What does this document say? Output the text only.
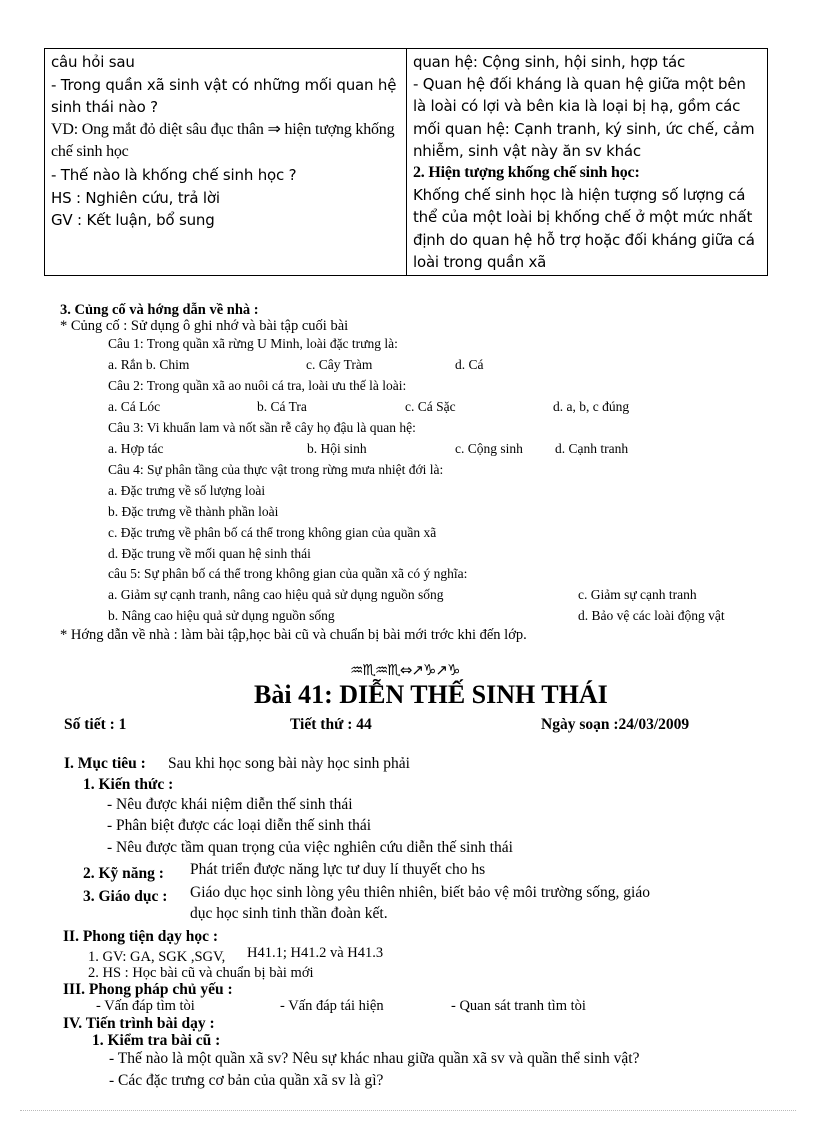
câu hỏi sau
- Trong quần xã sinh vật có những mối quan hệ sinh thái nào ?
VD: Ong mắt đỏ diệt sâu đục thân ⇒ hiện tượng khống chế sinh học
- Thế nào là khống chế sinh học ?
HS : Nghiên cứu, trả lời
GV : Kết luận, bổ sung

quan hệ: Cộng sinh, hội sinh, hợp tác
- Quan hệ đối kháng là quan hệ giữa một bên là loài có lợi và bên kia là loại bị hạ, gồm các mối quan hệ: Cạnh tranh, ký sinh, ức chế, cảm nhiễm, sinh vật này ăn sv khác
2. Hiện tượng khống chế sinh học:
Khống chế sinh học là hiện tượng số lượng cá thể của một loài bị khống chế ở một mức nhất định do quan hệ hỗ trợ hoặc đối kháng giữa cá loài trong quần xã
3. Củng cố và hớng dẫn về nhà :
* Củng cố : Sử dụng ô ghi nhớ và bài tập cuối bài
Câu 1: Trong quần xã rừng U Minh, loài đặc trưng là:
a. Rắn b. Chim	c. Cây Tràm	d. Cá
Câu 2: Trong quần xã ao nuôi cá tra, loài ưu thế là loài:
a. Cá Lóc	b. Cá Tra	c. Cá Sặc	d. a, b, c đúng
Câu 3: Vi khuẩn lam và nốt sần rễ cây họ đậu là quan hệ:
a. Hợp tác	b. Hội sinh	c. Cộng sinh d. Cạnh tranh
Câu 4: Sự phân tầng của thực vật trong rừng mưa nhiệt đới là:
a. Đặc trưng về số lượng loài
b. Đặc trưng về thành phần loài
c. Đặc trưng về phân bố cá thể trong không gian của quần xã
d. Đặc trung về mối quan hệ sinh thái
câu 5: Sự phân bố cá thể trong không gian của quần xã có ý nghĩa:
a. Giảm sự cạnh tranh, nâng cao hiệu quả sử dụng nguồn sống	c. Giảm sự cạnh tranh
b. Nâng cao hiệu quả sử dụng nguồn sống	d. Bảo vệ các loài động vật
* Hớng dẫn về nhà : làm bài tập,học bài cũ và chuẩn bị bài mới trớc khi đến lớp.
♒♏♒♏⇔↗♑↗♑
Bài 41: DIỄN THẾ SINH THÁI
Số tiết : 1	Tiết thứ : 44	Ngày soạn :24/03/2009
I. Mục tiêu : Sau khi học song bài này học sinh phải
1. Kiến thức :
- Nêu được khái niệm diễn thế sinh thái
- Phân biệt được các loại diễn thế sinh thái
- Nêu được tầm quan trọng của việc nghiên cứu diễn thế sinh thái
2. Kỹ năng : Phát triển được năng lực tư duy lí thuyết cho hs
3. Giáo dục : Giáo dục học sinh lòng yêu thiên nhiên, biết bảo vệ môi trường sống, giáo
dục học sinh tinh thần đoàn kết.
II. Phong tiện dạy học :
1. GV: GA, SGK ,SGV, H41.1; H41.2 và H41.3
2. HS : Học bài cũ và chuẩn bị bài mới
III. Phong pháp chủ yếu :
- Vấn đáp tìm tòi	- Vấn đáp tái hiện	- Quan sát tranh tìm tòi
IV. Tiến trình bài dạy :
1. Kiểm tra bài cũ :
- Thế nào là một quần xã sv? Nêu sự khác nhau giữa quần xã sv và quần thể sinh vật?
- Các đặc trưng cơ bản của quần xã sv là gì?
